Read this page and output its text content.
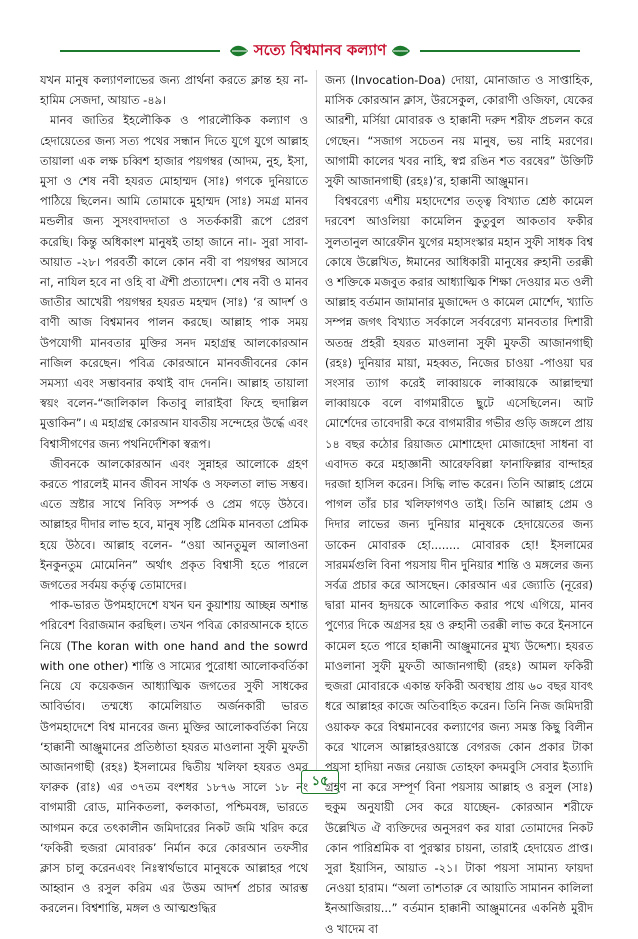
সত্যে বিশ্বমানব কল্যাণ

যখন মানুষ কল্যাণলাভের জন্য প্রার্থনা করতে ক্লান্ত হয় না- হামিম সেজদা, আয়াত -৪৯।

মানব জাতির ইহলৌকিক ও পারলৌকিক কল্যাণ ও হেদায়েতের জন্য সত্য পথের সন্ধান দিতে যুগে যুগে আল্লাহ তায়ালা এক লক্ষ চব্বিশ হাজার পয়গম্বর (আদম, নুহ, ইসা, মুসা ও শেষ নবী হযরত মোহাম্মদ (সাঃ) গণকে দুনিয়াতে পাঠিয়ে ছিলেন। আমি তোমাকে মুহাম্মদ (সাঃ) সমগ্র মানব মন্ডলীর জন্য সুসংবাদদাতা ও সতর্ককারী রূপে প্রেরণ করেছি। কিন্তু অধিকাংশ মানুষই তাহা জানে না।- সুরা সাবা-আয়াত -২৮। পরবর্তী কালে কোন নবী বা পয়গম্বর আসবে না, নাযিল হবে না ওহি বা ঐশী প্রত্যাদেশ। শেষ নবী ও মানব জাতীর আখেরী পয়গম্বর হযরত মহম্মদ (সাঃ) ‘র আদর্শ ও বাণী আজ বিশ্বমানব পালন করছে। আল্লাহ পাক সময় উপযোগী মানবতার মুক্তির সনদ মহাগ্রন্থ আলকোরআন নাজিল করেছেন। পবিত্র কোরআনে মানবজীবনের কোন সমস্যা এবং সম্ভাবনার কথাই বাদ দেননি। আল্লাহ তায়ালা স্বয়ং বলেন-“জালিকাল কিতাবু লারাইবা ফিহে হুদাল্লিল মুত্তাকিন”। এ মহাগ্রন্থ কোরআন যাবতীয় সন্দেহের উর্দ্ধে এবং বিশ্বাসীগণের জন্য পথনির্দেশিকা স্বরূপ।

জীবনকে আলকোরআন এবং সুন্নাহর আলোকে গ্রহণ করতে পারলেই মানব জীবন সার্থক ও সফলতা লাভ সম্ভব। এতে স্রষ্টার সাথে নিবিড় সম্পর্ক ও প্রেম গড়ে উঠবে। আল্লাহর দীদার লাভ হবে, মানুষ সৃষ্টি প্রেমিক মানবতা প্রেমিক হয়ে উঠবে। আল্লাহ বলেন- “ওয়া আনতুমুল আলাওনা ইনকুনতুম মোমেনিন” অর্থাৎ প্রকৃত বিশ্বাসী হতে পারলে জগতের সর্বময় কর্তৃত্ব তোমাদের।

পাক-ভারত উপমহাদেশে যখন ঘন কুয়াশায় আচ্ছন্ন অশান্ত পরিবেশ বিরাজমান করছিল। তখন পবিত্র কোরআনকে হাতে নিয়ে (The koran with one hand and the sowrd with one other) শান্তি ও সাম্যের পুরোধা আলোকবর্তিকা নিয়ে যে কয়েকজন আধ্যাত্মিক জগতের সুফী সাধকের আবির্ভাব। তম্মধ্যে কামেলিয়াত অর্জনকারী ভারত উপমহাদেশে বিশ্ব মানবের জন্য মুক্তির আলোকবর্তিকা নিয়ে ‘হাক্কানী আঞ্জুমানের প্রতিষ্ঠাতা হযরত মাওলানা সুফী মুফতী আজানগাছী (রহঃ) ইসলামের দ্বিতীয় খলিফা হযরত ওমর ফারুক (রাঃ) এর ৩৭তম বংশধর ১৮৭৬ সালে ১৮ নং বাগমারী রোড, মানিকতলা, কলকাতা, পশ্চিমবঙ্গ, ভারতে আগমন করে তৎকালীন জমিদারের নিকট জমি খরিদ করে ‘ফকিরী হুজরা মোবারক’ নির্মান করে কোরআন তফসীর ক্লাস চালু করেনএবং নিঃস্বার্থভাবে মানুষকে আল্লাহর পথে আহ্বান ও রসুল করিম এর উত্তম আদর্শ প্রচার আরম্ভ করলেন। বিশ্বশান্তি, মঙ্গল ও আত্মশুদ্ধির

জন্য (Invocation-Doa) দোয়া, মোনাজাত ও সাপ্তাহিক, মাসিক কোরআন ক্লাস, উরসেকুল, কোরাণী ওজিফা, যেকের আরশী, মর্সিয়া মোবারক ও হাক্কানী দরুদ শরীফ প্রচলন করে গেছেন। “সজাগ সচেতন নয় মানুষ, ভয় নাহি মরণের। আগামী কালের খবর নাহি, স্বপ্ন রঙিন শত বরষের” উক্তিটি সুফী আজানগাছী (রহঃ)’র, হাক্কানী আঞ্জুমান।

বিশ্ববরেণ্য এশীয় মহাদেশের তত্ত্ব বিখ্যাত শ্রেষ্ঠ কামেল দরবেশ আওলিয়া কামেলিন কুতুবুল আকতাব ফকীর সুলতানুল আরেফীন যুগের মহাসংস্কার মহান সুফী সাধক বিশ্ব কোষে উল্লেখিত, ঈমানের আধিকারী মানুষের রুহানী তরক্কী ও শক্তিকে মজবুত করার আধ্যাত্মিক শিক্ষা দেওয়ার মত ওলী আল্লাহ বর্তমান জামানার মুজাদ্দেদ ও কামেল মোর্শেদ, খ্যাতি সম্পন্ন জগৎ বিখ্যাত সর্বকালে সর্ববরেণ্য মানবতার দিশারী অতন্দ্র প্রহরী হযরত মাওলানা সুফী মুফতী আজানগাছী (রহঃ) দুনিয়ার মায়া, মহব্বত, নিজের চাওয়া -পাওয়া ঘর সংসার ত্যাগ করেই লাব্বায়কে লাব্বায়কে আল্লাহুম্মা লাব্বায়কে বলে বাগমারীতে ছুটে এসেছিলেন। আট মোর্শেদের তাবেদারী করে বাগমারীর গভীর গুড়ি জঙ্গলে প্রায় ১৪ বছর কঠোর রিয়াজত মোশাহেদা মোজাহেদা সাধনা বা এবাদত করে মহাজ্ঞানী আরেফবিল্লা ফানাফিল্লার বান্দাহর দরজা হাসিল করেন। সিদ্ধি লাভ করেন। তিনি আল্লাহ প্রেমে পাগল তাঁর চার খলিফাগণও তাই। তিনি আল্লাহ প্রেম ও দিদার লাভের জন্য দুনিয়ার মানুষকে হেদায়েতের জন্য ডাকেন মোবারক হো........ মোবারক হো! ইসলামের সারমর্মগুলি বিনা পয়সায় দীন দুনিয়ার শান্তি ও মঙ্গলের জন্য সর্বত্র প্রচার করে আসছেন। কোরআন এর জ্যোতি (নূরের) দ্বারা মানব হৃদয়কে আলোকিত করার পথে এগিয়ে, মানব পুণ্যের দিকে অগ্রসর হয় ও রুহানী তরক্কী লাভ করে ইনসানে কামেল হতে পারে হাক্কানী আঞ্জুমানের মুখ্য উদ্দেশ্য। হযরত মাওলানা সুফী মুফতী আজানগাছী (রহঃ) আমল ফকিরী হুজরা মোবারকে একান্ত ফকিরী অবস্থায় প্রায় ৬০ বছর যাবৎ ধরে আল্লাহর কাজে অতিবাহিত করেন। তিনি নিজ জমিদারী ওয়াকফ করে বিশ্বমানবের কল্যাণের জন্য সমস্ত কিছু বিলীন করে খালেস আল্লাহরওয়াস্তে বেগরজ কোন প্রকার টাকা পয়সা হাদিয়া নজর নেয়াজ তোহফা কদমবুসি সেবার ইত্যাদি গ্রহণ না করে সম্পূর্ণ বিনা পয়সায় আল্লাহ ও রসুল (সাঃ) হুকুম অনুযায়ী সেব করে যাচ্ছেন- কোরআন শরীফে উল্লেখিত ঐ ব্যক্তিদের অনুসরণ কর যারা তোমাদের নিকট কোন পারিশ্রমিক বা পুরস্কার চায়না, তারাই হেদায়েত প্রাপ্ত। সুরা ইয়াসিন, আয়াত -২১। টাকা পয়সা সামান্য ফায়দা নেওয়া হারাম। “অলা তাশতারু বে আয়াতি সামানন কালিলা ইনআজিরায়...” বর্তমান হাক্কানী আঞ্জুমানের একনিষ্ঠ মুরীদ ও খাদেম বা

১৫
